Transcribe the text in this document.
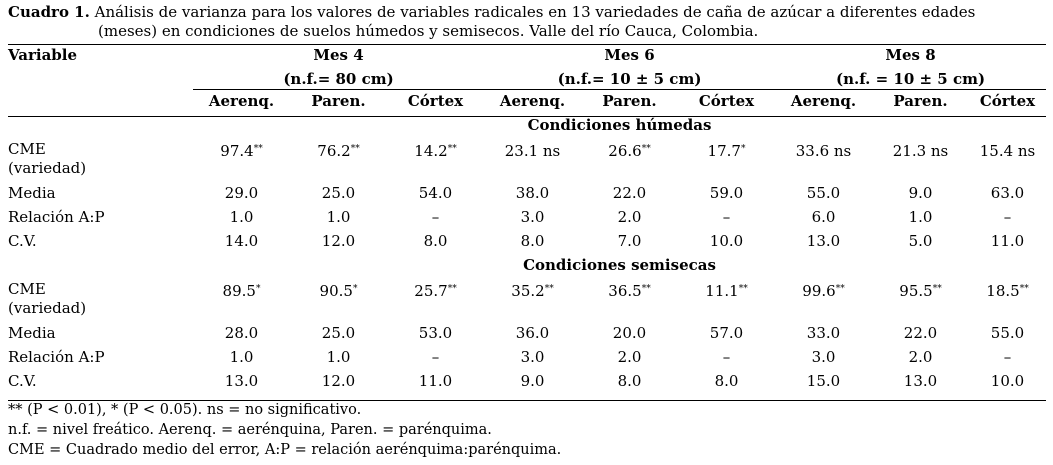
Cuadro 1. Análisis de varianza para los valores de variables radicales en 13 variedades de caña de azúcar a diferentes edades
(meses) en condiciones de suelos húmedos y semisecos. Valle del río Cauca, Colombia.

Variable	Mes 4	Mes 6	Mes 8
	(n.f.= 80 cm)	(n.f.= 10 ± 5 cm)	(n.f. = 10 ± 5 cm)
	Aerenq.	Paren.	Córtex	Aerenq.	Paren.	Córtex	Aerenq.	Paren.	Córtex
	Condiciones húmedas								

CME
(variedad)	97.4**	76.2**	14.2**	23.1 ns	26.6**	17.7*	33.6 ns	21.3 ns	15.4 ns
Media	29.0	25.0	54.0	38.0	22.0	59.0	55.0	9.0	63.0
Relación A:P	1.0	1.0	–	3.0	2.0	–	6.0	1.0	–
C.V.	14.0	12.0	8.0	8.0	7.0	10.0	13.0	5.0	11.0
	Condiciones semisecas								

CME
(variedad)	89.5*	90.5*	25.7**	35.2**	36.5**	11.1**	99.6**	95.5**	18.5**
Media	28.0	25.0	53.0	36.0	20.0	57.0	33.0	22.0	55.0
Relación A:P	1.0	1.0	–	3.0	2.0	–	3.0	2.0	–
C.V.	13.0	12.0	11.0	9.0	8.0	8.0	15.0	13.0	10.0
** (P < 0.01), * (P < 0.05). ns = no significativo.
n.f. = nivel freático. Aerenq. = aerénquina, Paren. = parénquima.
CME = Cuadrado medio del error, A:P = relación aerénquima:parénquima.
